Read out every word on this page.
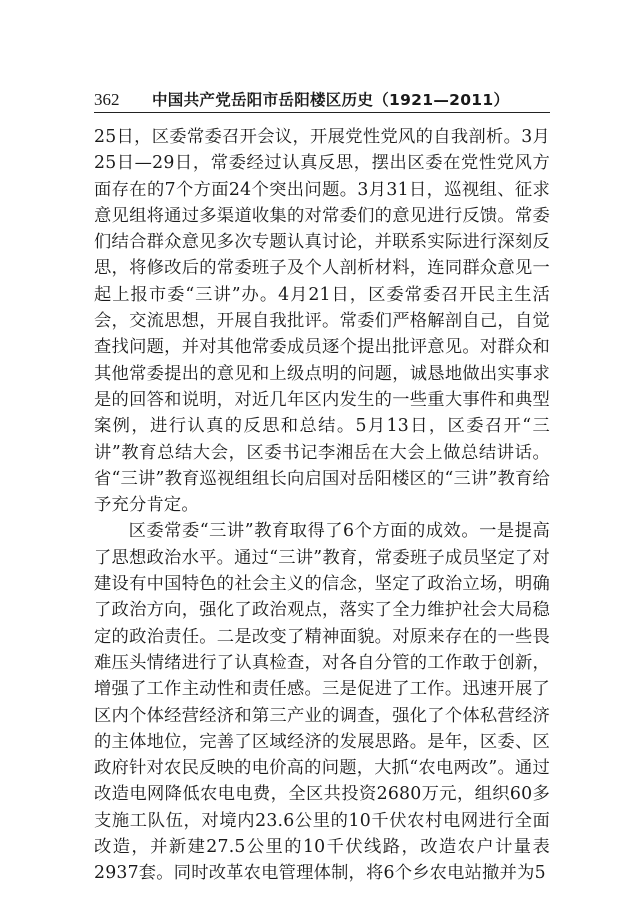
362	中国共产党岳阳市岳阳楼区历史（1921—2011）

25日，区委常委召开会议，开展党性党风的自我剖析。3月25日—29日，常委经过认真反思，摆出区委在党性党风方面存在的7个方面24个突出问题。3月31日，巡视组、征求意见组将通过多渠道收集的对常委们的意见进行反馈。常委们结合群众意见多次专题认真讨论，并联系实际进行深刻反思，将修改后的常委班子及个人剖析材料，连同群众意见一起上报市委“三讲”办。4月21日，区委常委召开民主生活会，交流思想，开展自我批评。常委们严格解剖自己，自觉查找问题，并对其他常委成员逐个提出批评意见。对群众和其他常委提出的意见和上级点明的问题，诚恳地做出实事求是的回答和说明，对近几年区内发生的一些重大事件和典型案例，进行认真的反思和总结。5月13日，区委召开“三讲”教育总结大会，区委书记李湘岳在大会上做总结讲话。省“三讲”教育巡视组组长向启国对岳阳楼区的“三讲”教育给予充分肯定。

区委常委“三讲”教育取得了6个方面的成效。一是提高了思想政治水平。通过“三讲”教育，常委班子成员坚定了对建设有中国特色的社会主义的信念，坚定了政治立场，明确了政治方向，强化了政治观点，落实了全力维护社会大局稳定的政治责任。二是改变了精神面貌。对原来存在的一些畏难压头情绪进行了认真检查，对各自分管的工作敢于创新，增强了工作主动性和责任感。三是促进了工作。迅速开展了区内个体经营经济和第三产业的调查，强化了个体私营经济的主体地位，完善了区域经济的发展思路。是年，区委、区政府针对农民反映的电价高的问题，大抓“农电两改”。通过改造电网降低农电电费，全区共投资2680万元，组织60多支施工队伍，对境内23.6公里的10千伏农村电网进行全面改造，并新建27.5公里的10千伏线路，改造农户计量表2937套。同时改革农电管理体制，将6个乡农电站撤并为5
